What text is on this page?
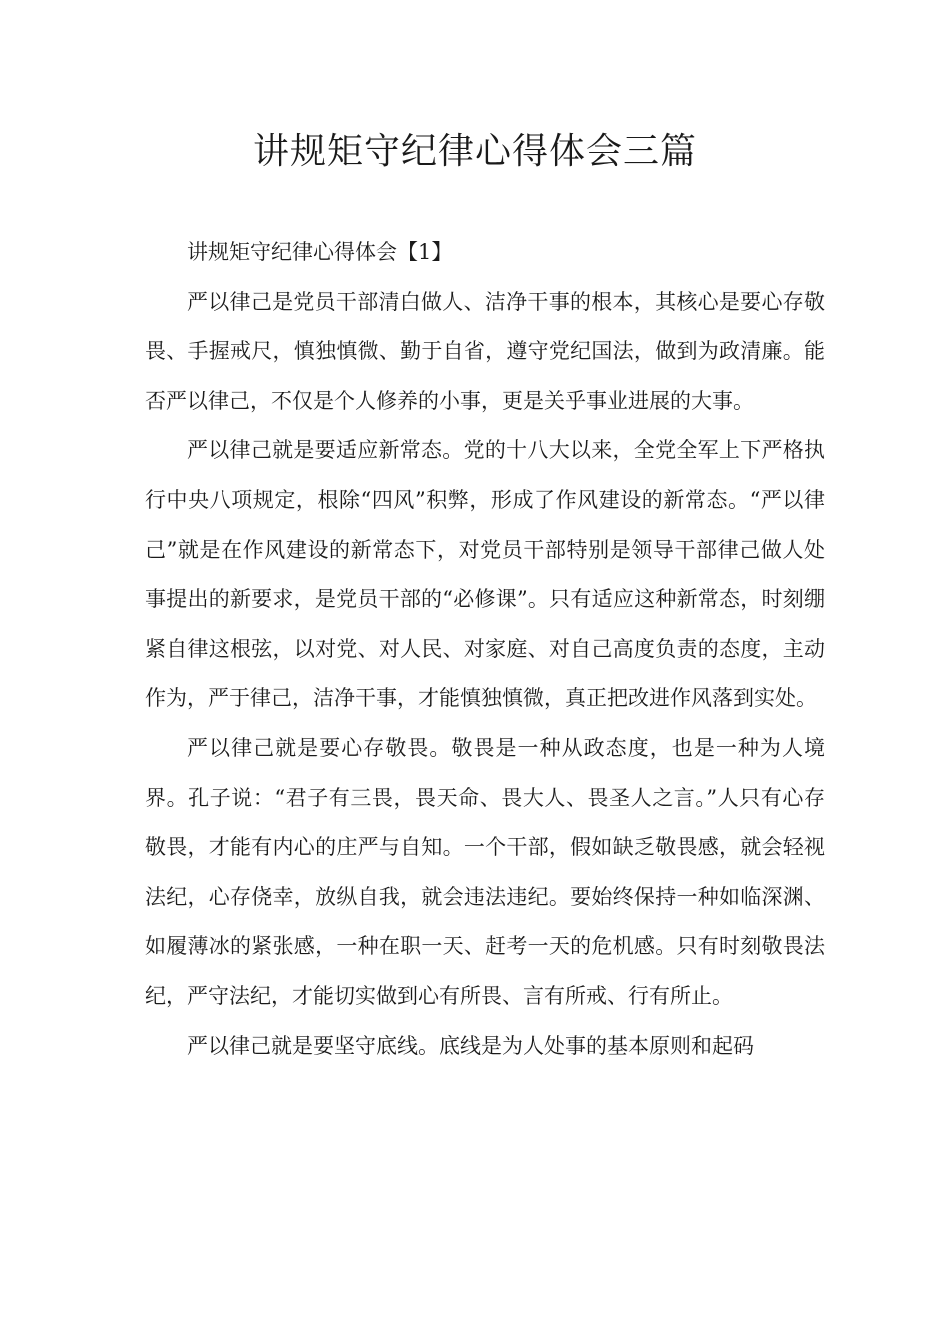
讲规矩守纪律心得体会三篇

讲规矩守纪律心得体会【1】

严以律己是党员干部清白做人、洁净干事的根本，其核心是要心存敬畏、手握戒尺，慎独慎微、勤于自省，遵守党纪国法，做到为政清廉。能否严以律己，不仅是个人修养的小事，更是关乎事业进展的大事。

严以律己就是要适应新常态。党的十八大以来，全党全军上下严格执行中央八项规定，根除“四风”积弊，形成了作风建设的新常态。“严以律己”就是在作风建设的新常态下，对党员干部特别是领导干部律己做人处事提出的新要求，是党员干部的“必修课”。只有适应这种新常态，时刻绷紧自律这根弦，以对党、对人民、对家庭、对自己高度负责的态度，主动作为，严于律己，洁净干事，才能慎独慎微，真正把改进作风落到实处。

严以律己就是要心存敬畏。敬畏是一种从政态度，也是一种为人境界。孔子说：“君子有三畏，畏天命、畏大人、畏圣人之言。”人只有心存敬畏，才能有内心的庄严与自知。一个干部，假如缺乏敬畏感，就会轻视法纪，心存侥幸，放纵自我，就会违法违纪。要始终保持一种如临深渊、如履薄冰的紧张感，一种在职一天、赶考一天的危机感。只有时刻敬畏法纪，严守法纪，才能切实做到心有所畏、言有所戒、行有所止。

严以律己就是要坚守底线。底线是为人处事的基本原则和起码
